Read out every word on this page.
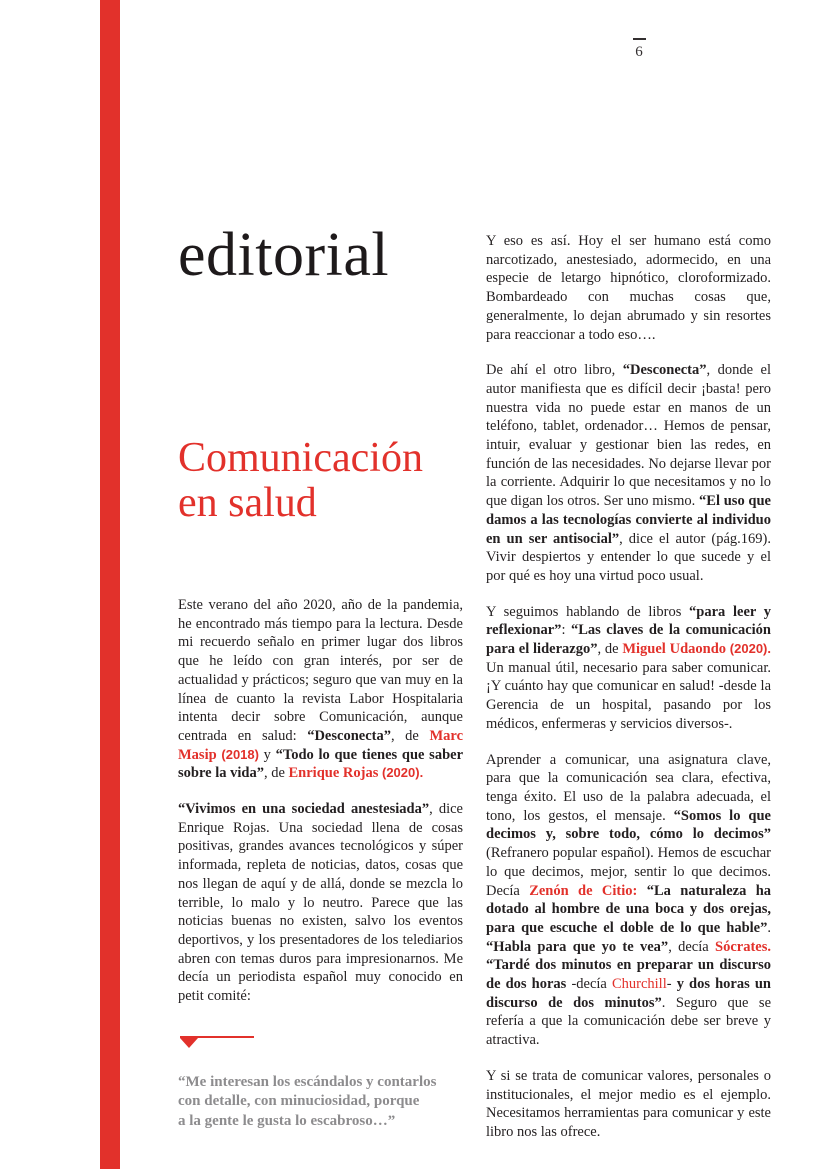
6
editorial
Comunicación
en salud

Este verano del año 2020, año de la pandemia, he encontrado más tiempo para la lectura. Desde mi recuerdo señalo en primer lugar dos libros que he leído con gran interés, por ser de actualidad y prácticos; seguro que van muy en la línea de cuanto la revista Labor Hospitalaria intenta decir sobre Comunicación, aunque centrada en salud: “Desconecta”, de Marc Masip (2018) y “Todo lo que tienes que saber sobre la vida”, de Enrique Rojas (2020).

“Vivimos en una sociedad anestesiada”, dice Enrique Rojas. Una sociedad llena de cosas positivas, grandes avances tecnológicos y súper informada, repleta de noticias, datos, cosas que nos llegan de aquí y de allá, donde se mezcla lo terrible, lo malo y lo neutro. Parece que las noticias buenas no existen, salvo los eventos deportivos, y los presentadores de los telediarios abren con temas duros para impresionarnos. Me decía un periodista español muy conocido en petit comité:

“Me interesan los escándalos y contarlos
con detalle, con minuciosidad, porque
a la gente le gusta lo escabroso…”

Y eso es así. Hoy el ser humano está como narcotizado, anestesiado, adormecido, en una especie de letargo hipnótico, cloroformizado. Bombardeado con muchas cosas que, generalmente, lo dejan abrumado y sin resortes para reaccionar a todo eso….

De ahí el otro libro, “Desconecta”, donde el autor manifiesta que es difícil decir ¡basta! pero nuestra vida no puede estar en manos de un teléfono, tablet, ordenador… Hemos de pensar, intuir, evaluar y gestionar bien las redes, en función de las necesidades. No dejarse llevar por la corriente. Adquirir lo que necesitamos y no lo que digan los otros. Ser uno mismo. “El uso que damos a las tecnologías convierte al individuo en un ser antisocial”, dice el autor (pág.169). Vivir despiertos y entender lo que sucede y el por qué es hoy una virtud poco usual.

Y seguimos hablando de libros “para leer y reflexionar”: “Las claves de la comunicación para el liderazgo”, de Miguel Udaondo (2020). Un manual útil, necesario para saber comunicar. ¡Y cuánto hay que comunicar en salud! -desde la Gerencia de un hospital, pasando por los médicos, enfermeras y servicios diversos-.

Aprender a comunicar, una asignatura clave, para que la comunicación sea clara, efectiva, tenga éxito. El uso de la palabra adecuada, el tono, los gestos, el mensaje. “Somos lo que decimos y, sobre todo, cómo lo decimos” (Refranero popular español). Hemos de escuchar lo que decimos, mejor, sentir lo que decimos. Decía Zenón de Citio: “La naturaleza ha dotado al hombre de una boca y dos orejas, para que escuche el doble de lo que hable”. “Habla para que yo te vea”, decía Sócrates. “Tardé dos minutos en preparar un discurso de dos horas -decía Churchill- y dos horas un discurso de dos minutos”. Seguro que se refería a que la comunicación debe ser breve y atractiva.

Y si se trata de comunicar valores, personales o institucionales, el mejor medio es el ejemplo. Necesitamos herramientas para comunicar y este libro nos las ofrece.
